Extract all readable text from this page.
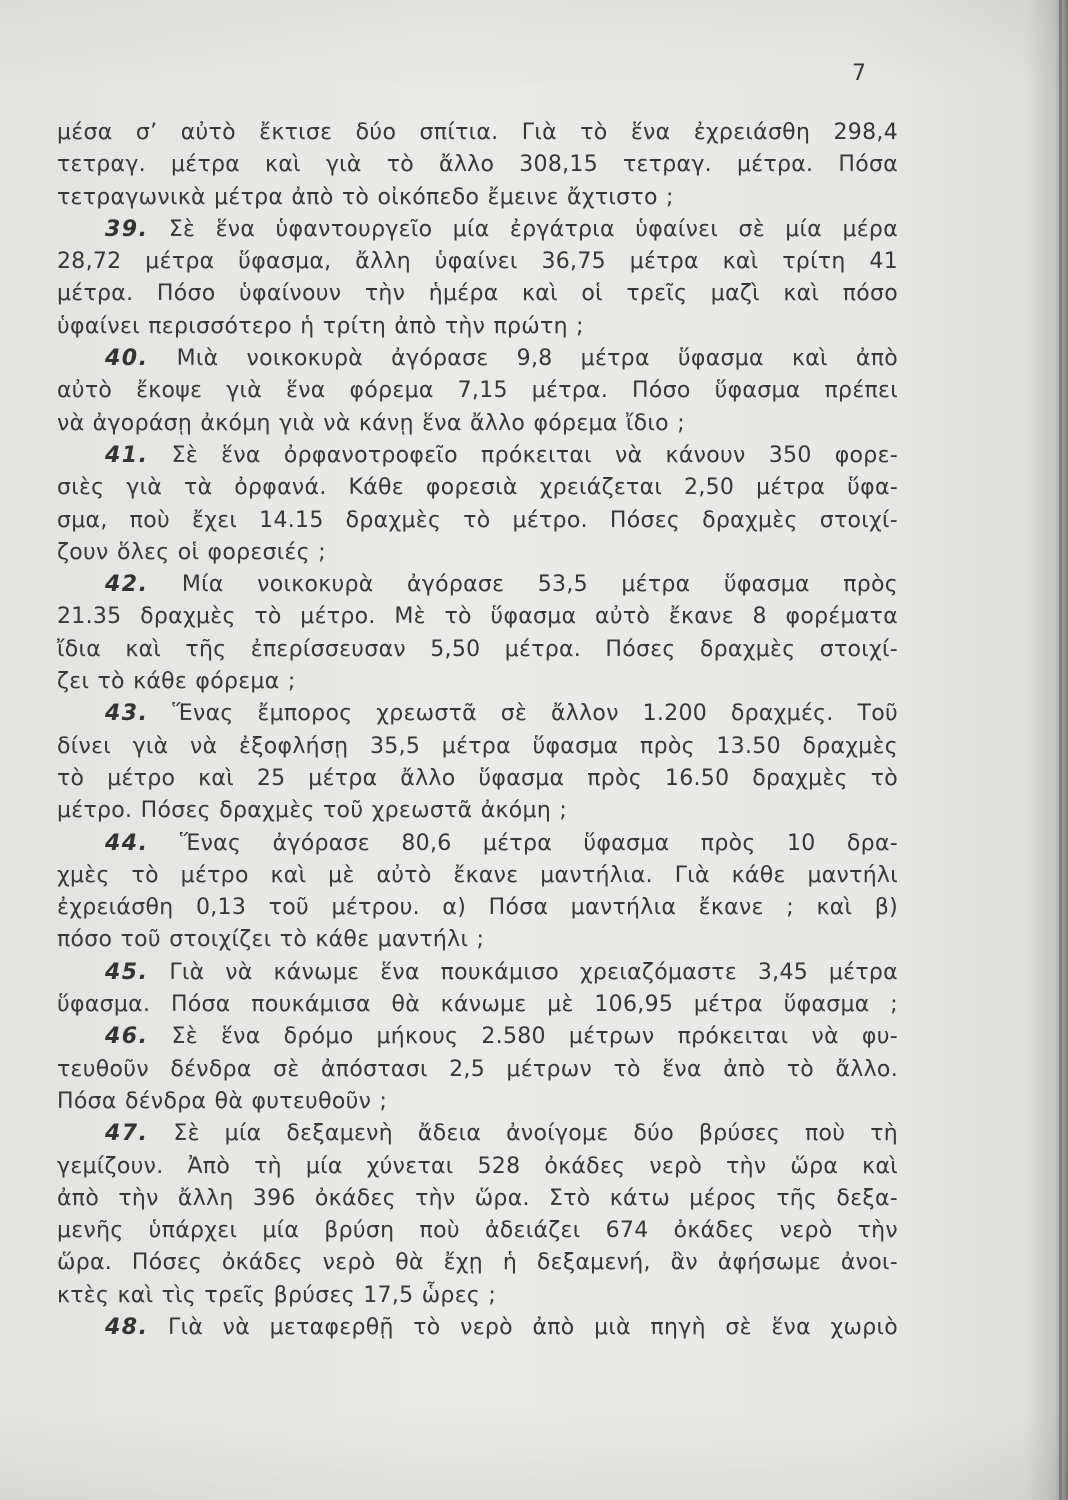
7
μέσα σ’ αὐτὸ ἔκτισε δύο σπίτια. Γιὰ τὸ ἕνα ἐχρειάσθη 298,4
τετραγ. μέτρα καὶ γιὰ τὸ ἄλλο 308,15 τετραγ. μέτρα. Πόσα
τετραγωνικὰ μέτρα ἀπὸ τὸ οἰκόπεδο ἔμεινε ἄχτιστο ;
39. Σὲ ἕνα ὑφαντουργεῖο μία ἐργάτρια ὑφαίνει σὲ μία μέρα
28,72 μέτρα ὕφασμα, ἄλλη ὑφαίνει 36,75 μέτρα καὶ τρίτη 41
μέτρα. Πόσο ὑφαίνουν τὴν ἡμέρα καὶ οἱ τρεῖς μαζὶ καὶ πόσο
ὑφαίνει περισσότερο ἡ τρίτη ἀπὸ τὴν πρώτη ;
40. Μιὰ νοικοκυρὰ ἀγόρασε 9,8 μέτρα ὕφασμα καὶ ἀπὸ
αὐτὸ ἔκοψε γιὰ ἕνα φόρεμα 7,15 μέτρα. Πόσο ὕφασμα πρέπει
νὰ ἀγοράσῃ ἀκόμη γιὰ νὰ κάνῃ ἕνα ἄλλο φόρεμα ἴδιο ;
41. Σὲ ἕνα ὀρφανοτροφεῖο πρόκειται νὰ κάνουν 350 φορε-
σιὲς γιὰ τὰ ὀρφανά. Κάθε φορεσιὰ χρειάζεται 2,50 μέτρα ὕφα-
σμα, ποὺ ἔχει 14.15 δραχμὲς τὸ μέτρο. Πόσες δραχμὲς στοιχί-
ζουν ὅλες οἱ φορεσιές ;
42. Μία νοικοκυρὰ ἀγόρασε 53,5 μέτρα ὕφασμα πρὸς
21.35 δραχμὲς τὸ μέτρο. Μὲ τὸ ὕφασμα αὐτὸ ἔκανε 8 φορέματα
ἴδια καὶ τῆς ἐπερίσσευσαν 5,50 μέτρα. Πόσες δραχμὲς στοιχί-
ζει τὸ κάθε φόρεμα ;
43. Ἕνας ἔμπορος χρεωστᾶ σὲ ἄλλον 1.200 δραχμές. Τοῦ
δίνει γιὰ νὰ ἐξοφλήσῃ 35,5 μέτρα ὕφασμα πρὸς 13.50 δραχμὲς
τὸ μέτρο καὶ 25 μέτρα ἄλλο ὕφασμα πρὸς 16.50 δραχμὲς τὸ
μέτρο. Πόσες δραχμὲς τοῦ χρεωστᾶ ἀκόμη ;
44. Ἕνας ἀγόρασε 80,6 μέτρα ὕφασμα πρὸς 10 δρα-
χμὲς τὸ μέτρο καὶ μὲ αὐτὸ ἔκανε μαντήλια. Γιὰ κάθε μαντήλι
ἐχρειάσθη 0,13 τοῦ μέτρου. α) Πόσα μαντήλια ἔκανε ; καὶ β)
πόσο τοῦ στοιχίζει τὸ κάθε μαντήλι ;
45. Γιὰ νὰ κάνωμε ἕνα πουκάμισο χρειαζόμαστε 3,45 μέτρα
ὕφασμα. Πόσα πουκάμισα θὰ κάνωμε μὲ 106,95 μέτρα ὕφασμα ;
46. Σὲ ἕνα δρόμο μήκους 2.580 μέτρων πρόκειται νὰ φυ-
τευθοῦν δένδρα σὲ ἀπόστασι 2,5 μέτρων τὸ ἕνα ἀπὸ τὸ ἄλλο.
Πόσα δένδρα θὰ φυτευθοῦν ;
47. Σὲ μία δεξαμενὴ ἄδεια ἀνοίγομε δύο βρύσες ποὺ τὴ
γεμίζουν. Ἀπὸ τὴ μία χύνεται 528 ὀκάδες νερὸ τὴν ὥρα καὶ
ἀπὸ τὴν ἄλλη 396 ὀκάδες τὴν ὥρα. Στὸ κάτω μέρος τῆς δεξα-
μενῆς ὑπάρχει μία βρύση ποὺ ἀδειάζει 674 ὀκάδες νερὸ τὴν
ὥρα. Πόσες ὀκάδες νερὸ θὰ ἔχῃ ἡ δεξαμενή, ἂν ἀφήσωμε ἀνοι-
κτὲς καὶ τὶς τρεῖς βρύσες 17,5 ὧρες ;
48. Γιὰ νὰ μεταφερθῇ τὸ νερὸ ἀπὸ μιὰ πηγὴ σὲ ἕνα χωριὸ
